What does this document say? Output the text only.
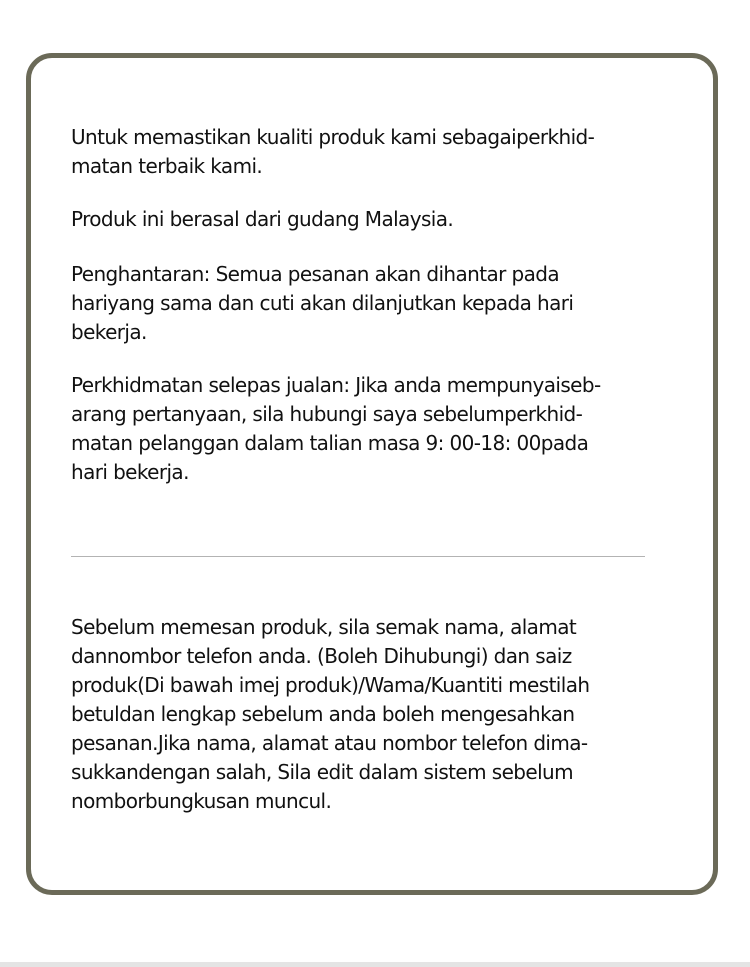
Untuk memastikan kualiti produk kami sebagaiperkhid-
matan terbaik kami.
Produk ini berasal dari gudang Malaysia.
Penghantaran: Semua pesanan akan dihantar pada
hariyang sama dan cuti akan dilanjutkan kepada hari
bekerja.
Perkhidmatan selepas jualan: Jika anda mempunyaiseb-
arang pertanyaan, sila hubungi saya sebelumperkhid-
matan pelanggan dalam talian masa 9: 00-18: 00pada
hari bekerja.
Sebelum memesan produk, sila semak nama, alamat
dannombor telefon anda. (Boleh Dihubungi) dan saiz
produk(Di bawah imej produk)/Wama/Kuantiti mestilah
betuldan lengkap sebelum anda boleh mengesahkan
pesanan.Jika nama, alamat atau nombor telefon dima-
sukkandengan salah, Sila edit dalam sistem sebelum
nomborbungkusan muncul.
